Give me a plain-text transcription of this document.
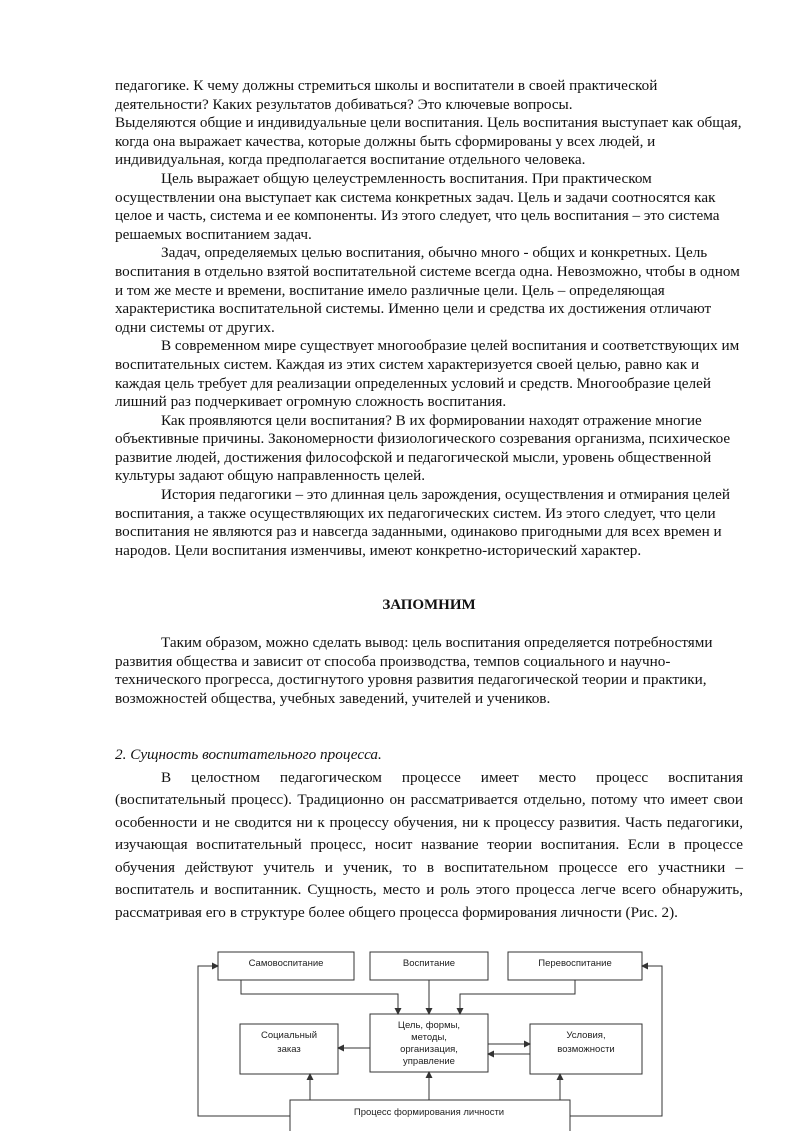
педагогике. К чему должны стремиться школы и воспитатели в своей практической деятельности? Каких результатов добиваться? Это ключевые вопросы.

Выделяются общие и индивидуальные цели воспитания. Цель воспитания выступает как общая, когда она выражает качества, которые должны быть сформированы у всех людей, и индивидуальная, когда предполагается воспитание отдельного человека.

Цель выражает общую целеустремленность воспитания. При практическом осуществлении она выступает как система конкретных задач. Цель и задачи соотносятся как целое и часть, система и ее компоненты. Из этого следует, что цель воспитания – это система решаемых воспитанием задач.

Задач, определяемых целью воспитания, обычно много - общих и конкретных. Цель воспитания в отдельно взятой воспитательной системе всегда одна. Невозможно, чтобы в одном и том же месте и времени, воспитание имело различные цели. Цель – определяющая характеристика воспитательной системы. Именно цели и средства их достижения отличают одни системы от других.

В современном мире существует многообразие целей воспитания и соответствующих им воспитательных систем. Каждая из этих систем характеризуется своей целью, равно как и каждая цель требует для реализации определенных условий и средств. Многообразие целей лишний раз подчеркивает огромную сложность воспитания.

Как проявляются цели воспитания? В их формировании находят отражение многие объективные причины. Закономерности физиологического созревания организма, психическое развитие людей, достижения философской и педагогической мысли, уровень общественной культуры задают общую направленность целей.

История педагогики – это длинная цель зарождения, осуществления и отмирания целей воспитания, а также осуществляющих их педагогических систем. Из этого следует, что цели воспитания не являются раз и навсегда заданными, одинаково пригодными для всех времен и народов. Цели воспитания изменчивы, имеют конкретно-исторический характер.

ЗАПОМНИМ

Таким образом, можно сделать вывод: цель воспитания определяется потребностями развития общества и зависит от способа производства, темпов социального и научно-технического прогресса, достигнутого уровня развития педагогической теории и практики, возможностей общества, учебных заведений, учителей и учеников.

2. Сущность воспитательного процесса.

В целостном педагогическом процессе имеет место процесс воспитания (воспитательный процесс). Традиционно он рассматривается отдельно, потому что имеет свои особенности и не сводится ни к процессу обучения, ни к процессу развития. Часть педагогики, изучающая воспитательный процесс, носит название теории воспитания. Если в процессе обучения действуют учитель и ученик, то в воспитательном процессе его участники – воспитатель и воспитанник. Сущность, место и роль этого процесса легче всего обнаружить, рассматривая его в структуре более общего процесса формирования личности (Рис. 2).

Самовоспитание	Воспитание	Перевоспитание
Социальный
заказ
Цель, формы,
методы,
организация,
управление
Условия,
возможности
Процесс формирования личности
